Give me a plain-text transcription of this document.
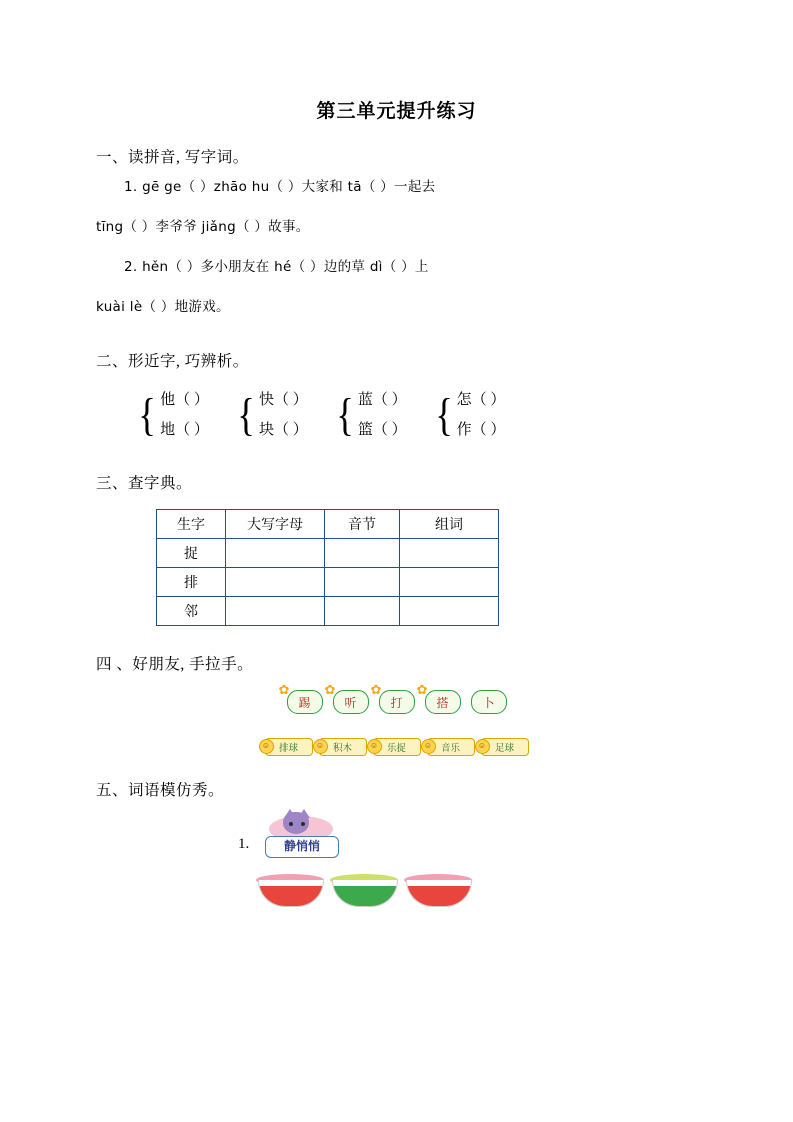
第三单元提升练习
一、读拼音, 写字词。
1. gē ge（ ）zhāo hu（ ）大家和 tā（ ）一起去
tīng（ ）李爷爷 jiǎng（ ）故事。
2. hěn（ ）多小朋友在 hé（ ）边的草 dì（ ）上
kuài lè（ ）地游戏。
二、形近字, 巧辨析。
{ 他（ ）
地（ ） { 快（ ）
块（ ） { 蓝（ ）
篮（ ） { 怎（ ）
作（ ）
三、查字典。
生字	大写字母	音节	组词
捉			
排			
邻			
四 、好朋友, 手拉手。
✿
踢
✿
听
✿
打
✿
搭	卜
☺ 排球	☺ 积木	☺ 乐捉	☺ 音乐	☺ 足球
五、词语模仿秀。
1.	静悄悄
